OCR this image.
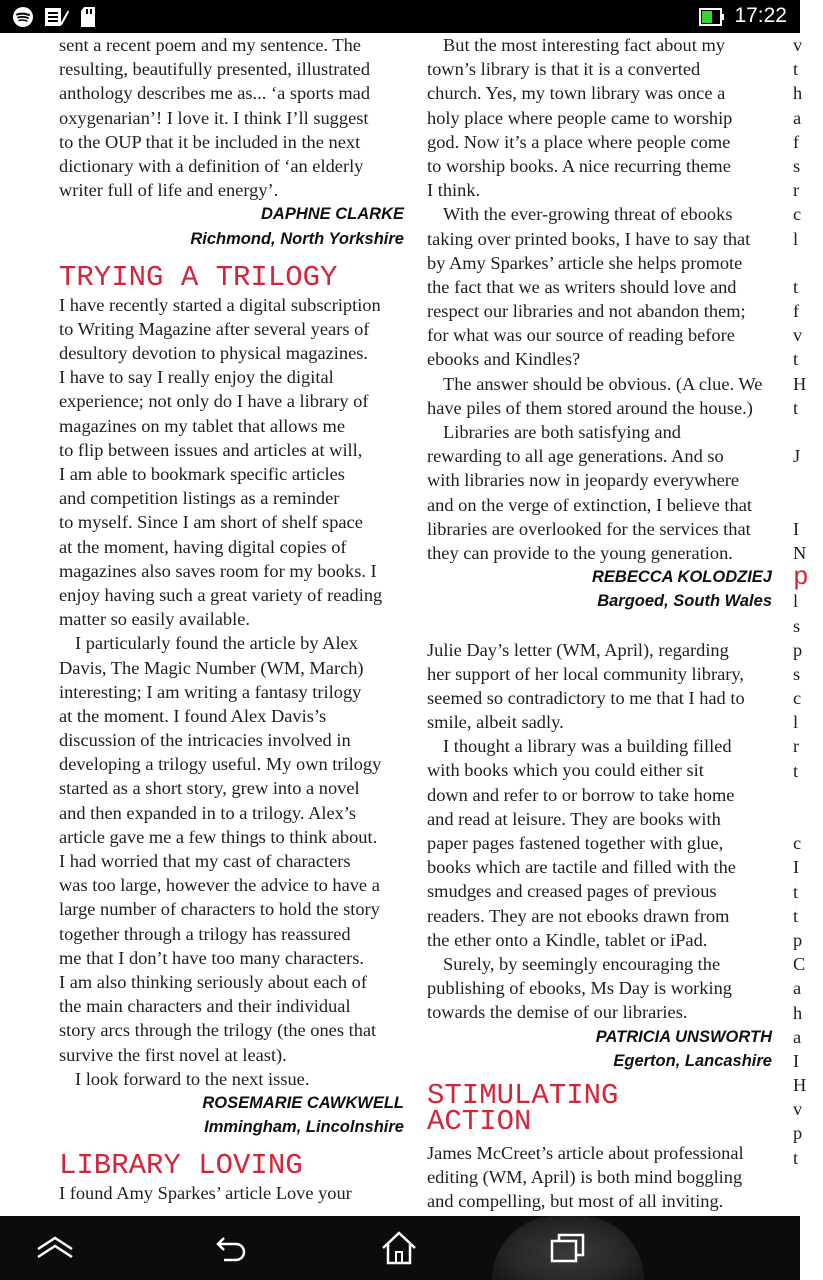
17:22
sent a recent poem and my sentence. The
resulting, beautifully presented, illustrated
anthology describes me as... ‘a sports mad
oxygenarian’! I love it. I think I’ll suggest
to the OUP that it be included in the next
dictionary with a definition of ‘an elderly
writer full of life and energy’.
DAPHNE CLARKE
Richmond, North Yorkshire
TRYING A TRILOGY
I have recently started a digital subscription
to Writing Magazine after several years of
desultory devotion to physical magazines.
I have to say I really enjoy the digital
experience; not only do I have a library of
magazines on my tablet that allows me
to flip between issues and articles at will,
I am able to bookmark specific articles
and competition listings as a reminder
to myself. Since I am short of shelf space
at the moment, having digital copies of
magazines also saves room for my books. I
enjoy having such a great variety of reading
matter so easily available.
I particularly found the article by Alex
Davis, The Magic Number (WM, March)
interesting; I am writing a fantasy trilogy
at the moment. I found Alex Davis’s
discussion of the intricacies involved in
developing a trilogy useful. My own trilogy
started as a short story, grew into a novel
and then expanded in to a trilogy. Alex’s
article gave me a few things to think about.
I had worried that my cast of characters
was too large, however the advice to have a
large number of characters to hold the story
together through a trilogy has reassured
me that I don’t have too many characters.
I am also thinking seriously about each of
the main characters and their individual
story arcs through the trilogy (the ones that
survive the first novel at least).
I look forward to the next issue.
ROSEMARIE CAWKWELL
Immingham, Lincolnshire
LIBRARY LOVING
I found Amy Sparkes’ article Love your
But the most interesting fact about my
town’s library is that it is a converted
church. Yes, my town library was once a
holy place where people came to worship
god. Now it’s a place where people come
to worship books. A nice recurring theme
I think.
With the ever-growing threat of ebooks
taking over printed books, I have to say that
by Amy Sparkes’ article she helps promote
the fact that we as writers should love and
respect our libraries and not abandon them;
for what was our source of reading before
ebooks and Kindles?
The answer should be obvious. (A clue. We
have piles of them stored around the house.)
Libraries are both satisfying and
rewarding to all age generations. And so
with libraries now in jeopardy everywhere
and on the verge of extinction, I believe that
libraries are overlooked for the services that
they can provide to the young generation.
REBECCA KOLODZIEJ
Bargoed, South Wales
Julie Day’s letter (WM, April), regarding
her support of her local community library,
seemed so contradictory to me that I had to
smile, albeit sadly.
I thought a library was a building filled
with books which you could either sit
down and refer to or borrow to take home
and read at leisure. They are books with
paper pages fastened together with glue,
books which are tactile and filled with the
smudges and creased pages of previous
readers. They are not ebooks drawn from
the ether onto a Kindle, tablet or iPad.
Surely, by seemingly encouraging the
publishing of ebooks, Ms Day is working
towards the demise of our libraries.
PATRICIA UNSWORTH
Egerton, Lancashire
STIMULATING
ACTION
James McCreet’s article about professional
editing (WM, April) is both mind boggling
and compelling, but most of all inviting.
v
t
h
a
f
s
r
c
l
t
f
v
t
H
t
J
I
N
p
l
s
p
s
c
l
r
t
c
I
t
t
p
C
a
h
a
I
H
v
p
t
